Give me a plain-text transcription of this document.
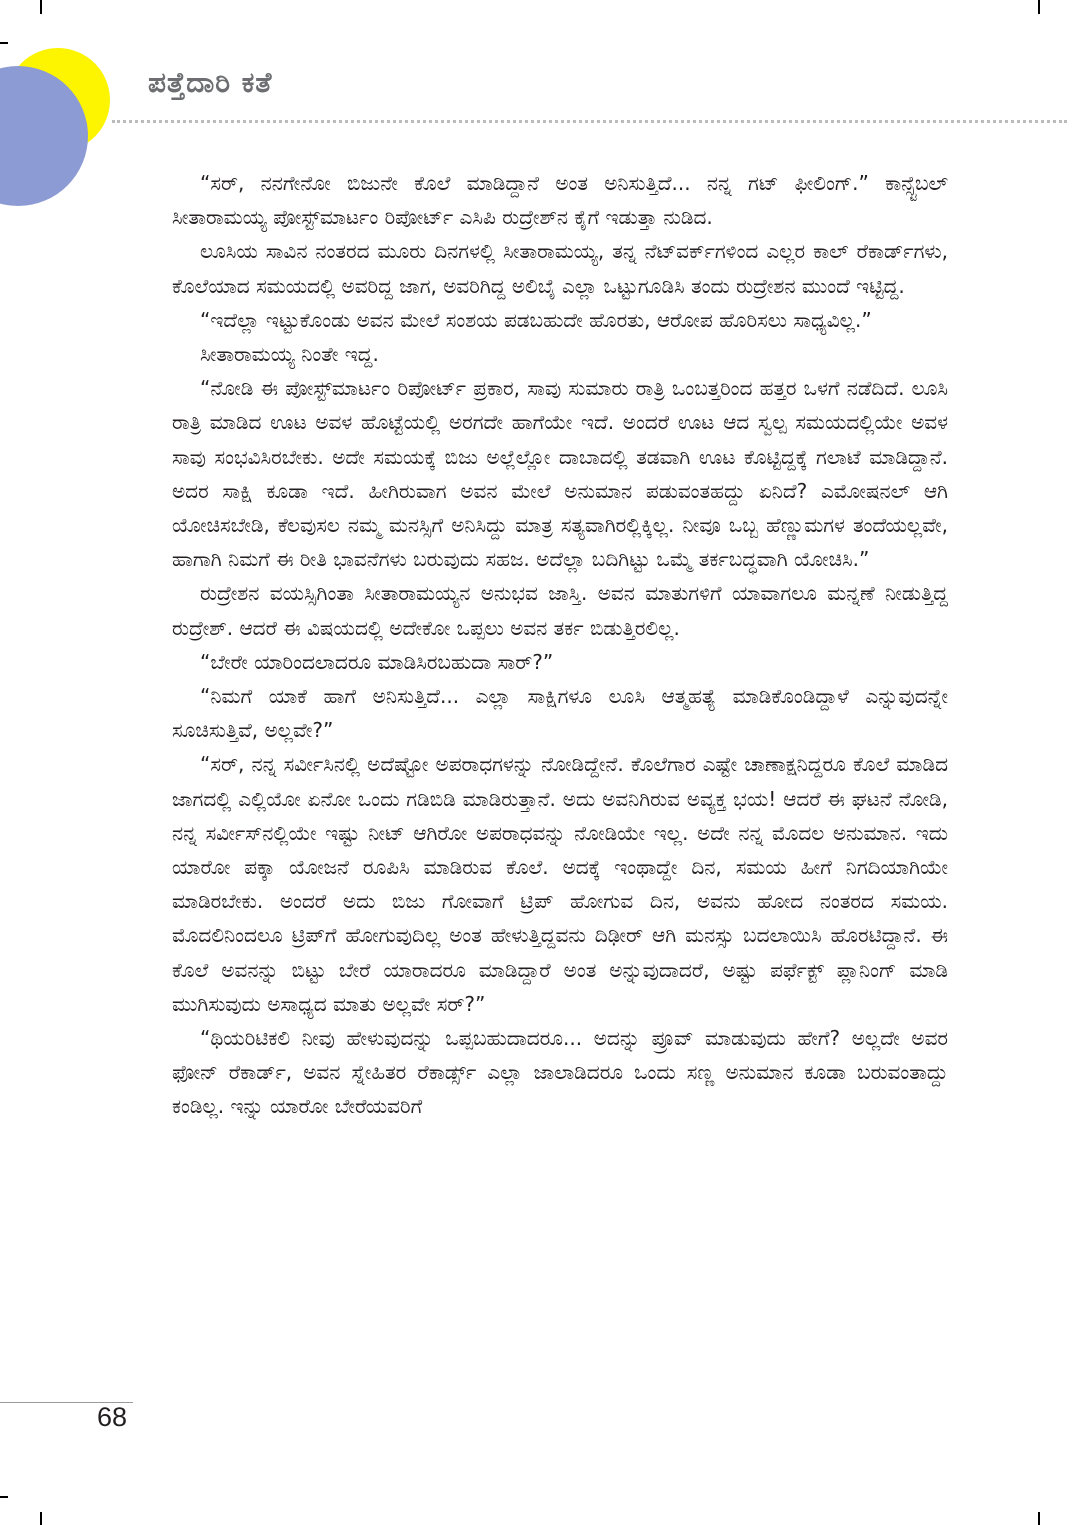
ಪತ್ತೆದಾರಿ ಕತೆ

“ಸರ್, ನನಗೇನೋ ಬಿಜುನೇ ಕೊಲೆ ಮಾಡಿದ್ದಾನೆ ಅಂತ ಅನಿಸುತ್ತಿದೆ... ನನ್ನ ಗಟ್ ಫೀಲಿಂಗ್.” ಕಾನ್ಸ್ಟೆಬಲ್ ಸೀತಾರಾಮಯ್ಯ ಪೋಸ್ಟ್‌ಮಾರ್ಟಂ ರಿಪೋರ್ಟ್ ಎಸಿಪಿ ರುದ್ರೇಶ್‌ನ ಕೈಗೆ ಇಡುತ್ತಾ ನುಡಿದ.

ಲೂಸಿಯ ಸಾವಿನ ನಂತರದ ಮೂರು ದಿನಗಳಲ್ಲಿ ಸೀತಾರಾಮಯ್ಯ, ತನ್ನ ನೆಟ್‌ವರ್ಕ್‌ಗಳಿಂದ ಎಲ್ಲರ ಕಾಲ್ ರೆಕಾರ್ಡ್‌ಗಳು, ಕೊಲೆಯಾದ ಸಮಯದಲ್ಲಿ ಅವರಿದ್ದ ಜಾಗ, ಅವರಿಗಿದ್ದ ಅಲಿಬೈ ಎಲ್ಲಾ ಒಟ್ಟುಗೂಡಿಸಿ ತಂದು ರುದ್ರೇಶನ ಮುಂದೆ ಇಟ್ಟಿದ್ದ.

“ಇದೆಲ್ಲಾ ಇಟ್ಟುಕೊಂಡು ಅವನ ಮೇಲೆ ಸಂಶಯ ಪಡಬಹುದೇ ಹೊರತು, ಆರೋಪ ಹೊರಿಸಲು ಸಾಧ್ಯವಿಲ್ಲ.”

ಸೀತಾರಾಮಯ್ಯ ನಿಂತೇ ಇದ್ದ.

“ನೋಡಿ ಈ ಪೋಸ್ಟ್‌ಮಾರ್ಟಂ ರಿಪೋರ್ಟ್ ಪ್ರಕಾರ, ಸಾವು ಸುಮಾರು ರಾತ್ರಿ ಒಂಬತ್ತರಿಂದ ಹತ್ತರ ಒಳಗೆ ನಡೆದಿದೆ. ಲೂಸಿ ರಾತ್ರಿ ಮಾಡಿದ ಊಟ ಅವಳ ಹೊಟ್ಟೆಯಲ್ಲಿ ಅರಗದೇ ಹಾಗೆಯೇ ಇದೆ. ಅಂದರೆ ಊಟ ಆದ ಸ್ವಲ್ಪ ಸಮಯದಲ್ಲಿಯೇ ಅವಳ ಸಾವು ಸಂಭವಿಸಿರಬೇಕು. ಅದೇ ಸಮಯಕ್ಕೆ ಬಿಜು ಅಲ್ಲೆಲ್ಲೋ ದಾಬಾದಲ್ಲಿ ತಡವಾಗಿ ಊಟ ಕೊಟ್ಟಿದ್ದಕ್ಕೆ ಗಲಾಟೆ ಮಾಡಿದ್ದಾನೆ. ಅದರ ಸಾಕ್ಷಿ ಕೂಡಾ ಇದೆ. ಹೀಗಿರುವಾಗ ಅವನ ಮೇಲೆ ಅನುಮಾನ ಪಡುವಂತಹದ್ದು ಏನಿದೆ? ಎಮೋಷನಲ್ ಆಗಿ ಯೋಚಿಸಬೇಡಿ, ಕೆಲವುಸಲ ನಮ್ಮ ಮನಸ್ಸಿಗೆ ಅನಿಸಿದ್ದು ಮಾತ್ರ ಸತ್ಯವಾಗಿರಲ್ಲಿಕ್ಕಿಲ್ಲ. ನೀವೂ ಒಬ್ಬ ಹೆಣ್ಣುಮಗಳ ತಂದೆಯಲ್ಲವೇ, ಹಾಗಾಗಿ ನಿಮಗೆ ಈ ರೀತಿ ಭಾವನೆಗಳು ಬರುವುದು ಸಹಜ. ಅದೆಲ್ಲಾ ಬದಿಗಿಟ್ಟು ಒಮ್ಮೆ ತರ್ಕಬದ್ಧವಾಗಿ ಯೋಚಿಸಿ.”

ರುದ್ರೇಶನ ವಯಸ್ಸಿಗಿಂತಾ ಸೀತಾರಾಮಯ್ಯನ ಅನುಭವ ಜಾಸ್ತಿ. ಅವನ ಮಾತುಗಳಿಗೆ ಯಾವಾಗಲೂ ಮನ್ನಣೆ ನೀಡುತ್ತಿದ್ದ ರುದ್ರೇಶ್. ಆದರೆ ಈ ವಿಷಯದಲ್ಲಿ ಅದೇಕೋ ಒಪ್ಪಲು ಅವನ ತರ್ಕ ಬಿಡುತ್ತಿರಲಿಲ್ಲ.

“ಬೇರೇ ಯಾರಿಂದಲಾದರೂ ಮಾಡಿಸಿರಬಹುದಾ ಸಾರ್?”

“ನಿಮಗೆ ಯಾಕೆ ಹಾಗೆ ಅನಿಸುತ್ತಿದೆ... ಎಲ್ಲಾ ಸಾಕ್ಷಿಗಳೂ ಲೂಸಿ ಆತ್ಮಹತ್ಯೆ ಮಾಡಿಕೊಂಡಿದ್ದಾಳೆ ಎನ್ನುವುದನ್ನೇ ಸೂಚಿಸುತ್ತಿವೆ, ಅಲ್ಲವೇ?”

“ಸರ್, ನನ್ನ ಸರ್ವೀಸಿನಲ್ಲಿ ಅದೆಷ್ಟೋ ಅಪರಾಧಗಳನ್ನು ನೋಡಿದ್ದೇನೆ. ಕೊಲೆಗಾರ ಎಷ್ಟೇ ಚಾಣಾಕ್ಷನಿದ್ದರೂ ಕೊಲೆ ಮಾಡಿದ ಜಾಗದಲ್ಲಿ ಎಲ್ಲಿಯೋ ಏನೋ ಒಂದು ಗಡಿಬಿಡಿ ಮಾಡಿರುತ್ತಾನೆ. ಅದು ಅವನಿಗಿರುವ ಅವ್ಯಕ್ತ ಭಯ! ಆದರೆ ಈ ಘಟನೆ ನೋಡಿ, ನನ್ನ ಸರ್ವೀಸ್‌ನಲ್ಲಿಯೇ ಇಷ್ಟು ನೀಟ್ ಆಗಿರೋ ಅಪರಾಧವನ್ನು ನೋಡಿಯೇ ಇಲ್ಲ. ಅದೇ ನನ್ನ ಮೊದಲ ಅನುಮಾನ. ಇದು ಯಾರೋ ಪಕ್ಕಾ ಯೋಜನೆ ರೂಪಿಸಿ ಮಾಡಿರುವ ಕೊಲೆ. ಅದಕ್ಕೆ ಇಂಥಾದ್ದೇ ದಿನ, ಸಮಯ ಹೀಗೆ ನಿಗದಿಯಾಗಿಯೇ ಮಾಡಿರಬೇಕು. ಅಂದರೆ ಅದು ಬಿಜು ಗೋವಾಗೆ ಟ್ರಿಪ್ ಹೋಗುವ ದಿನ, ಅವನು ಹೋದ ನಂತರದ ಸಮಯ. ಮೊದಲಿನಿಂದಲೂ ಟ್ರಿಪ್‌ಗೆ ಹೋಗುವುದಿಲ್ಲ ಅಂತ ಹೇಳುತ್ತಿದ್ದವನು ದಿಢೀರ್ ಆಗಿ ಮನಸ್ಸು ಬದಲಾಯಿಸಿ ಹೊರಟಿದ್ದಾನೆ. ಈ ಕೊಲೆ ಅವನನ್ನು ಬಿಟ್ಟು ಬೇರೆ ಯಾರಾದರೂ ಮಾಡಿದ್ದಾರೆ ಅಂತ ಅನ್ನುವುದಾದರೆ, ಅಷ್ಟು ಪರ್ಫೆಕ್ಟ್ ಪ್ಲಾನಿಂಗ್ ಮಾಡಿ ಮುಗಿಸುವುದು ಅಸಾಧ್ಯದ ಮಾತು ಅಲ್ಲವೇ ಸರ್?”

“ಥಿಯರಿಟಿಕಲಿ ನೀವು ಹೇಳುವುದನ್ನು ಒಪ್ಪಬಹುದಾದರೂ... ಅದನ್ನು ಪ್ರೂವ್ ಮಾಡುವುದು ಹೇಗೆ? ಅಲ್ಲದೇ ಅವರ ಫೋನ್ ರೆಕಾರ್ಡ್, ಅವನ ಸ್ನೇಹಿತರ ರೆಕಾರ್ಡ್ಸ್ ಎಲ್ಲಾ ಜಾಲಾಡಿದರೂ ಒಂದು ಸಣ್ಣ ಅನುಮಾನ ಕೂಡಾ ಬರುವಂತಾದ್ದು ಕಂಡಿಲ್ಲ. ಇನ್ನು ಯಾರೋ ಬೇರೆಯವರಿಗೆ

68
